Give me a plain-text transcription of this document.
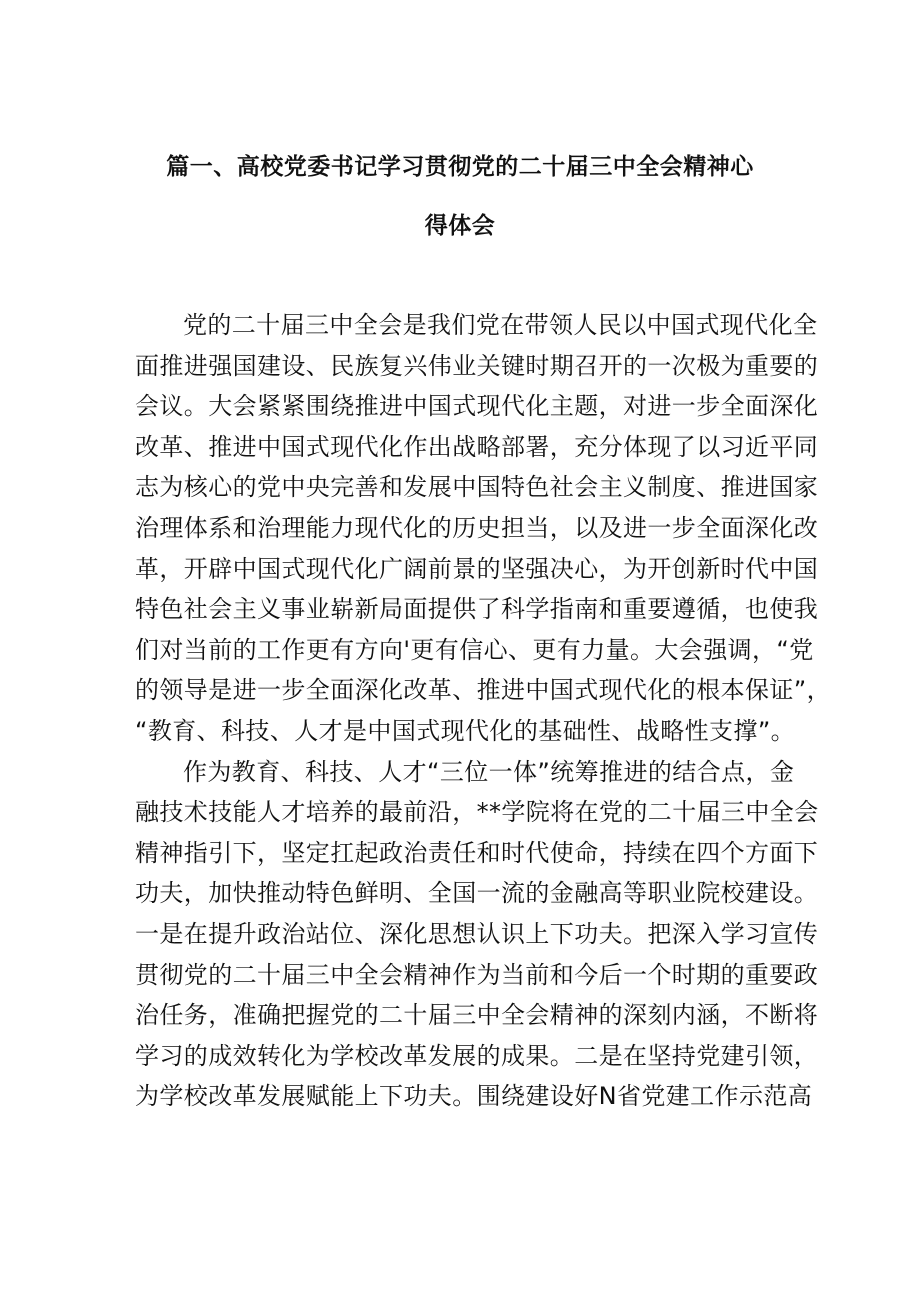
篇一、高校党委书记学习贯彻党的二十届三中全会精神心
得体会
党的二十届三中全会是我们党在带领人民以中国式现代化全
面推进强国建设、民族复兴伟业关键时期召开的一次极为重要的
会议。大会紧紧围绕推进中国式现代化主题，对进一步全面深化
改革、推进中国式现代化作出战略部署，充分体现了以习近平同
志为核心的党中央完善和发展中国特色社会主义制度、推进国家
治理体系和治理能力现代化的历史担当，以及进一步全面深化改
革，开辟中国式现代化广阔前景的坚强决心，为开创新时代中国
特色社会主义事业崭新局面提供了科学指南和重要遵循，也使我
们对当前的工作更有方向'更有信心、更有力量。大会强调，“党
的领导是进一步全面深化改革、推进中国式现代化的根本保证”，
“教育、科技、人才是中国式现代化的基础性、战略性支撑”。
作为教育、科技、人才“三位一体”统筹推进的结合点，金
融技术技能人才培养的最前沿，**学院将在党的二十届三中全会
精神指引下，坚定扛起政治责任和时代使命，持续在四个方面下
功夫，加快推动特色鲜明、全国一流的金融高等职业院校建设。
一是在提升政治站位、深化思想认识上下功夫。把深入学习宣传
贯彻党的二十届三中全会精神作为当前和今后一个时期的重要政
治任务，准确把握党的二十届三中全会精神的深刻内涵，不断将
学习的成效转化为学校改革发展的成果。二是在坚持党建引领，
为学校改革发展赋能上下功夫。围绕建设好N省党建工作示范高
